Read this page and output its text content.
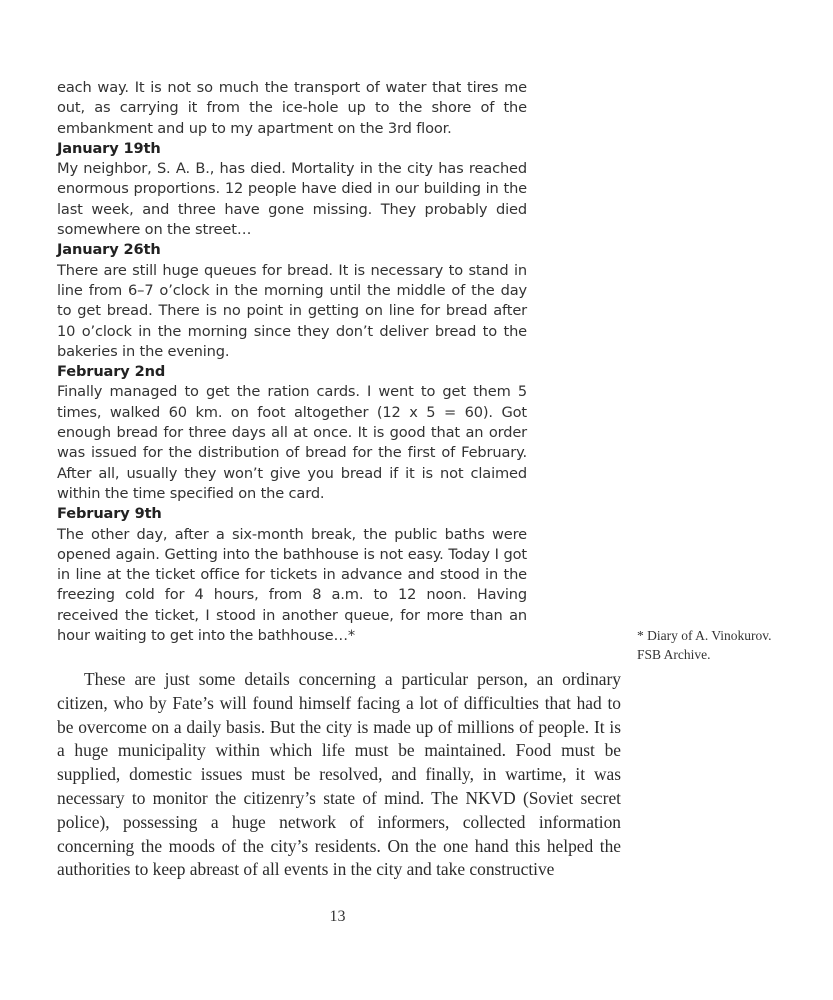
each way. It is not so much the transport of water that tires me out, as carrying it from the ice-hole up to the shore of the embankment and up to my apartment on the 3rd floor.

January 19th

My neighbor, S. A. B., has died. Mortality in the city has reached enormous proportions. 12 people have died in our building in the last week, and three have gone missing. They probably died somewhere on the street…

January 26th

There are still huge queues for bread. It is necessary to stand in line from 6–7 o’clock in the morning until the middle of the day to get bread. There is no point in getting on line for bread after 10 o’clock in the morning since they don’t deliver bread to the bakeries in the evening.

February 2nd

Finally managed to get the ration cards. I went to get them 5 times, walked 60 km. on foot altogether (12 x 5 = 60). Got enough bread for three days all at once. It is good that an order was issued for the distribution of bread for the first of February. After all, usually they won’t give you bread if it is not claimed within the time specified on the card.

February 9th

The other day, after a six-month break, the public baths were opened again. Getting into the bathhouse is not easy. Today I got in line at the ticket office for tickets in advance and stood in the freezing cold for 4 hours, from 8 a.m. to 12 noon. Having received the ticket, I stood in another queue, for more than an hour waiting to get into the bathhouse…*	* Diary of A. Vinokurov.
FSB Archive.

These are just some details concerning a particular person, an ordinary citizen, who by Fate’s will found himself facing a lot of difficulties that had to be overcome on a daily basis. But the city is made up of millions of people. It is a huge municipality within which life must be maintained. Food must be supplied, domestic issues must be resolved, and finally, in wartime, it was necessary to monitor the citizenry’s state of mind. The NKVD (Soviet secret police), possessing a huge network of informers, collected information concerning the moods of the city’s residents. On the one hand this helped the authorities to keep abreast of all events in the city and take constructive

13
